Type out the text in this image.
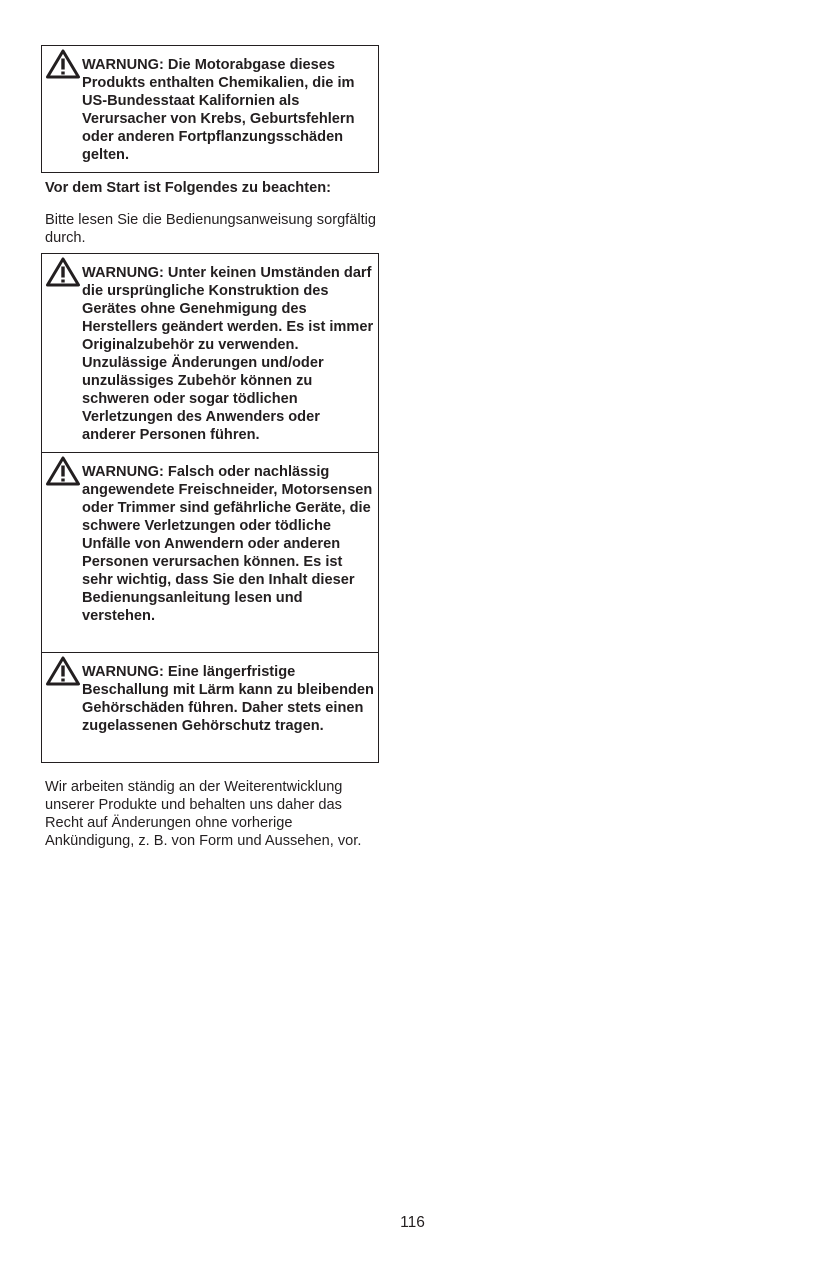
WARNUNG: Die Motorabgase dieses Produkts enthalten Chemikalien, die im US-Bundesstaat Kalifornien als Verursacher von Krebs, Geburtsfehlern oder anderen Fortpflanzungsschäden gelten.
Vor dem Start ist Folgendes zu beachten:
Bitte lesen Sie die Bedienungsanweisung sorgfältig durch.
WARNUNG: Unter keinen Umständen darf die ursprüngliche Konstruktion des Gerätes ohne Genehmigung des Herstellers geändert werden. Es ist immer Originalzubehör zu verwenden. Unzulässige Änderungen und/oder unzulässiges Zubehör können zu schweren oder sogar tödlichen Verletzungen des Anwenders oder anderer Personen führen.
WARNUNG: Falsch oder nachlässig angewendete Freischneider, Motorsensen oder Trimmer sind gefährliche Geräte, die schwere Verletzungen oder tödliche Unfälle von Anwendern oder anderen Personen verursachen können. Es ist sehr wichtig, dass Sie den Inhalt dieser Bedienungsanleitung lesen und verstehen.
WARNUNG: Eine längerfristige Beschallung mit Lärm kann zu bleibenden Gehörschäden führen. Daher stets einen zugelassenen Gehörschutz tragen.
Wir arbeiten ständig an der Weiterentwicklung unserer Produkte und behalten uns daher das Recht auf Änderungen ohne vorherige Ankündigung, z. B. von Form und Aussehen, vor.
116
